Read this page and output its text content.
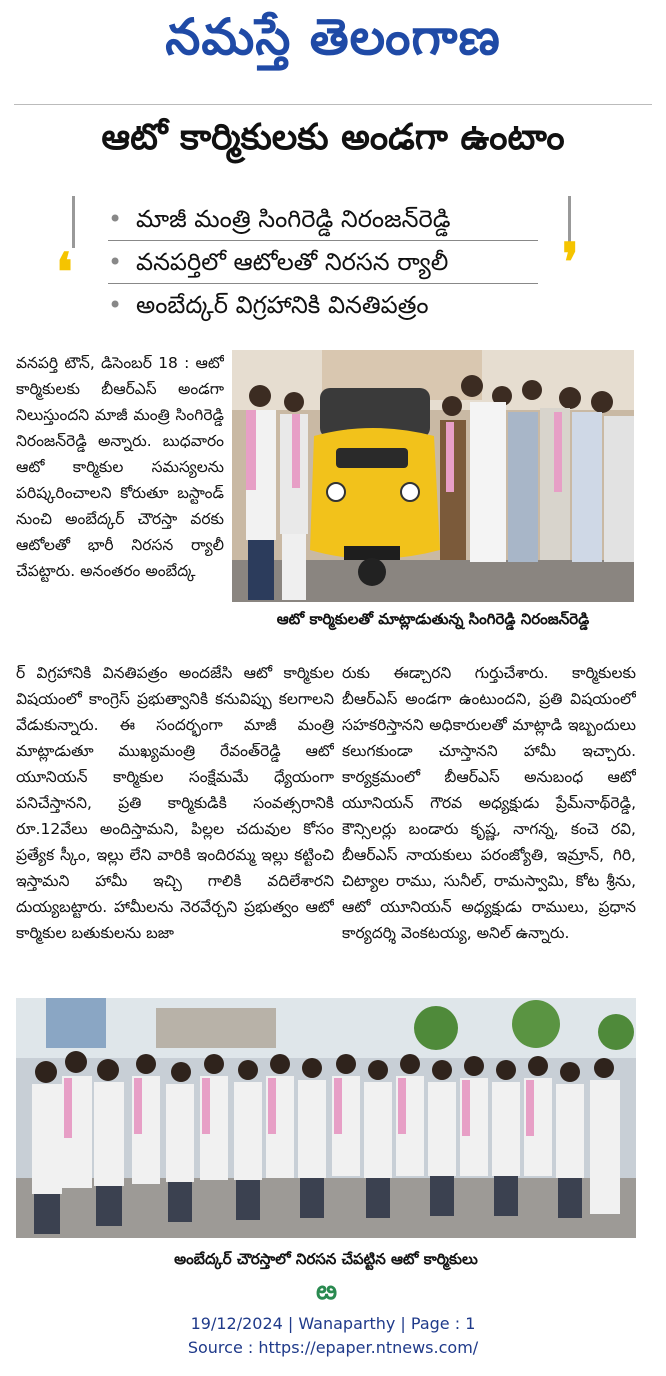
నమస్తే తెలంగాణ
ఆటో కార్మికులకు అండగా ఉంటాం
❛	❜
• మాజీ మంత్రి సింగిరెడ్డి నిరంజన్‌రెడ్డి
• వనపర్తిలో ఆటోలతో నిరసన ర్యాలీ
• అంబేద్కర్ విగ్రహానికి వినతిపత్రం
ఆటో కార్మికులతో మాట్లాడుతున్న సింగిరెడ్డి నిరంజన్‌రెడ్డి
వనపర్తి టౌన్, డిసెంబర్ 18 : ఆటో కార్మికులకు బీఆర్ఎస్ అండగా నిలుస్తుందని మాజీ మంత్రి సింగిరెడ్డి నిరంజన్‌రెడ్డి అన్నారు. బుధవారం ఆటో కార్మికుల సమస్యలను పరిష్కరించాలని కోరుతూ బస్టాండ్ నుంచి అంబేద్కర్ చౌరస్తా వరకు ఆటోలతో భారీ నిరసన ర్యాలీ చేపట్టారు. అనంతరం అంబేద్క
ర్ విగ్రహానికి వినతిపత్రం అందజేసి ఆటో కార్మికుల విషయంలో కాంగ్రెస్ ప్రభుత్వానికి కనువిప్పు కలగాలని వేడుకున్నారు. ఈ సందర్భంగా మాజీ మంత్రి మాట్లాడుతూ ముఖ్యమంత్రి రేవంత్‌రెడ్డి ఆటో యూనియన్ కార్మికుల సంక్షేమమే ధ్యేయంగా పనిచేస్తానని, ప్రతి కార్మికుడికి సంవత్సరానికి రూ.12వేలు అందిస్తామని, పిల్లల చదువుల కోసం ప్రత్యేక స్కీం, ఇల్లు లేని వారికి ఇందిరమ్మ ఇల్లు కట్టించి ఇస్తామని హామీ ఇచ్చి గాలికి వదిలేశారని దుయ్యబట్టారు. హామీలను నెరవేర్చని ప్రభుత్వం ఆటో కార్మికుల బతుకులను బజా
రుకు ఈడ్చారని గుర్తుచేశారు. కార్మికులకు బీఆర్ఎస్ అండగా ఉంటుందని, ప్రతి విషయంలో సహకరిస్తానని అధికారులతో మాట్లాడి ఇబ్బందులు కలుగకుండా చూస్తానని హామీ ఇచ్చారు. కార్యక్రమంలో బీఆర్ఎస్ అనుబంధ ఆటో యూనియన్ గౌరవ అధ్యక్షుడు ప్రేమ్‌నాథ్‌రెడ్డి, కౌన్సిలర్లు బండారు కృష్ణ, నాగన్న, కంచె రవి, బీఆర్ఎస్ నాయకులు పరంజ్యోతి, ఇమ్రాన్, గిరి, చిట్యాల రాము, సునీల్, రామస్వామి, కోట శ్రీను, ఆటో యూనియన్ అధ్యక్షుడు రాములు, ప్రధాన కార్యదర్శి వెంకటయ్య, అనిల్ ఉన్నారు.
అంబేద్కర్ చౌరస్తాలో నిరసన చేపట్టిన ఆటో కార్మికులు
ఴ
19/12/2024 | Wanaparthy | Page : 1
Source : https://epaper.ntnews.com/
